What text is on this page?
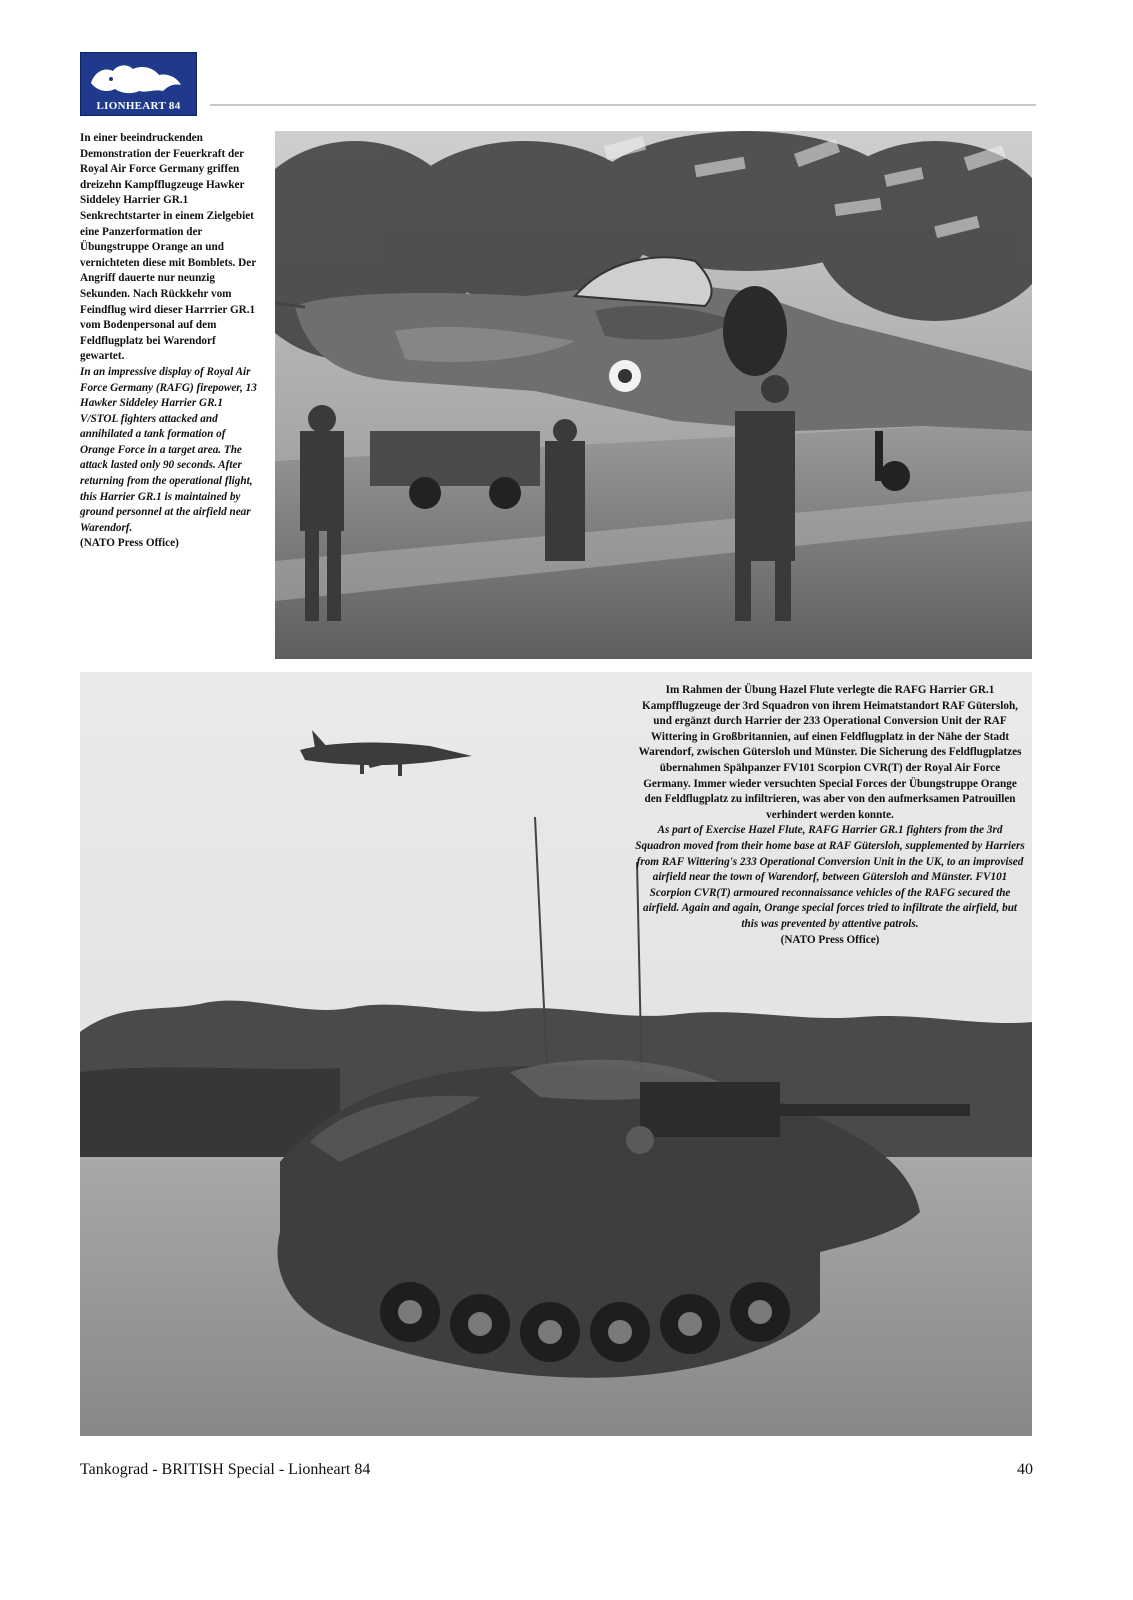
LIONHEART 84
In einer beeindruckenden Demonstration der Feuerkraft der Royal Air Force Germany griffen dreizehn Kampfflugzeuge Hawker Siddeley Harrier GR.1 Senkrechtstarter in einem Zielgebiet eine Panzerformation der Übungstruppe Orange an und vernichteten diese mit Bomblets. Der Angriff dauerte nur neunzig Sekunden. Nach Rückkehr vom Feindflug wird dieser Harrrier GR.1 vom Bodenpersonal auf dem Feldflugplatz bei Warendorf gewartet.
In an impressive display of Royal Air Force Germany (RAFG) firepower, 13 Hawker Siddeley Harrier GR.1 V/STOL fighters attacked and annihilated a tank formation of Orange Force in a target area. The attack lasted only 90 seconds. After returning from the operational flight, this Harrier GR.1 is maintained by ground personnel at the airfield near Warendorf.
(NATO Press Office)
Im Rahmen der Übung Hazel Flute verlegte die RAFG Harrier GR.1 Kampfflugzeuge der 3rd Squadron von ihrem Heimatstandort RAF Gütersloh, und ergänzt durch Harrier der 233 Operational Conversion Unit der RAF Wittering in Großbritannien, auf einen Feldflugplatz in der Nähe der Stadt Warendorf, zwischen Gütersloh und Münster. Die Sicherung des Feldflugplatzes übernahmen Spähpanzer FV101 Scorpion CVR(T) der Royal Air Force Germany. Immer wieder versuchten Special Forces der Übungstruppe Orange den Feldflugplatz zu infiltrieren, was aber von den aufmerksamen Patrouillen verhindert werden konnte.
As part of Exercise Hazel Flute, RAFG Harrier GR.1 fighters from the 3rd Squadron moved from their home base at RAF Gütersloh, supplemented by Harriers from RAF Wittering's 233 Operational Conversion Unit in the UK, to an improvised airfield near the town of Warendorf, between Gütersloh and Münster. FV101 Scorpion CVR(T) armoured reconnaissance vehicles of the RAFG secured the airfield. Again and again, Orange special forces tried to infiltrate the airfield, but this was prevented by attentive patrols.
(NATO Press Office)
Tankograd - BRITISH Special - Lionheart 84	40
